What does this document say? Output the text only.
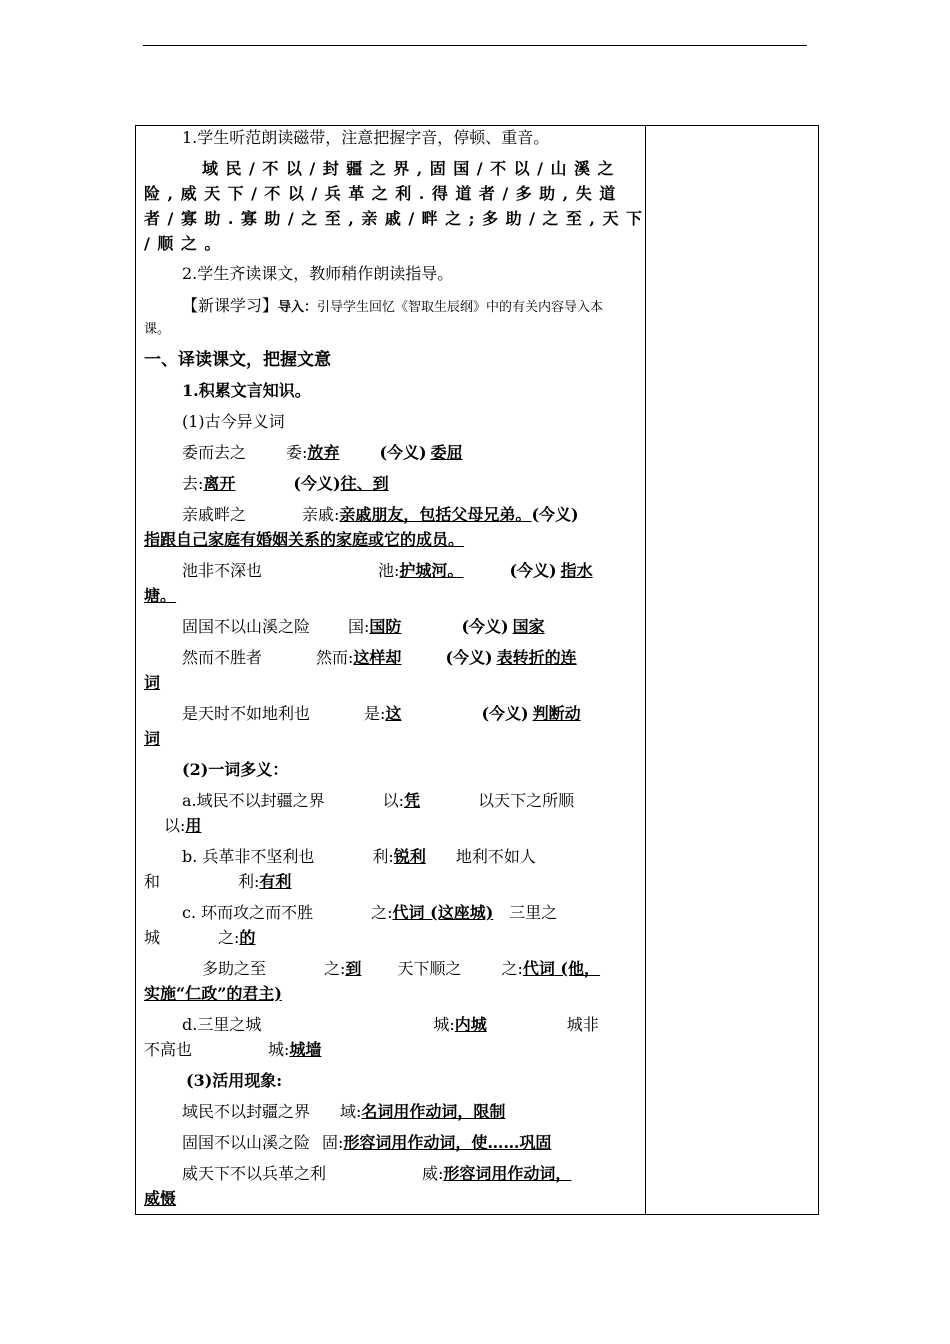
1.学生听范朗读磁带，注意把握字音，停顿、重音。
域民/不以/封疆之界,固国/不以/山溪之
险,威天下/不以/兵革之利.得道者/多助,失道
者/寡助.寡助/之至,亲戚/畔之;多助/之至,天下
/顺之。
2.学生齐读课文，教师稍作朗读指导。
【新课学习】导入：引导学生回忆《智取生辰纲》中的有关内容导入本
课。
一、译读课文，把握文意
1.积累文言知识。
(1)古今异义词
委而去之	委:放弃	(今义) 委屈
去:离开	(今义)往、到
亲戚畔之	亲戚:亲戚朋友，包括父母兄弟。(今义)
指跟自己家庭有婚姻关系的家庭或它的成员。
池非不深也	池:护城河。	(今义) 指水
塘。
固国不以山溪之险 国:国防	(今义) 国家
然而不胜者	然而:这样却	(今义) 表转折的连
词
是天时不如地利也	是:这	(今义) 判断动
词
(2)一词多义：
a.域民不以封疆之界	以:凭	以天下之所顺
以:用
b. 兵革非不坚利也	利:锐利 地利不如人
和	利:有利
c. 环而攻之而不胜	之:代词 (这座城) 三里之
城	之:的
多助之至	之:到 天下顺之	之:代词 (他，
实施“仁政”的君主)
d.三里之城	城:内城	城非
不高也	城:城墙
(3)活用现象:
域民不以封疆之界 域:名词用作动词，限制
固国不以山溪之险 固:形容词用作动词，使……巩固
威天下不以兵革之利	威:形容词用作动词，
威慑
